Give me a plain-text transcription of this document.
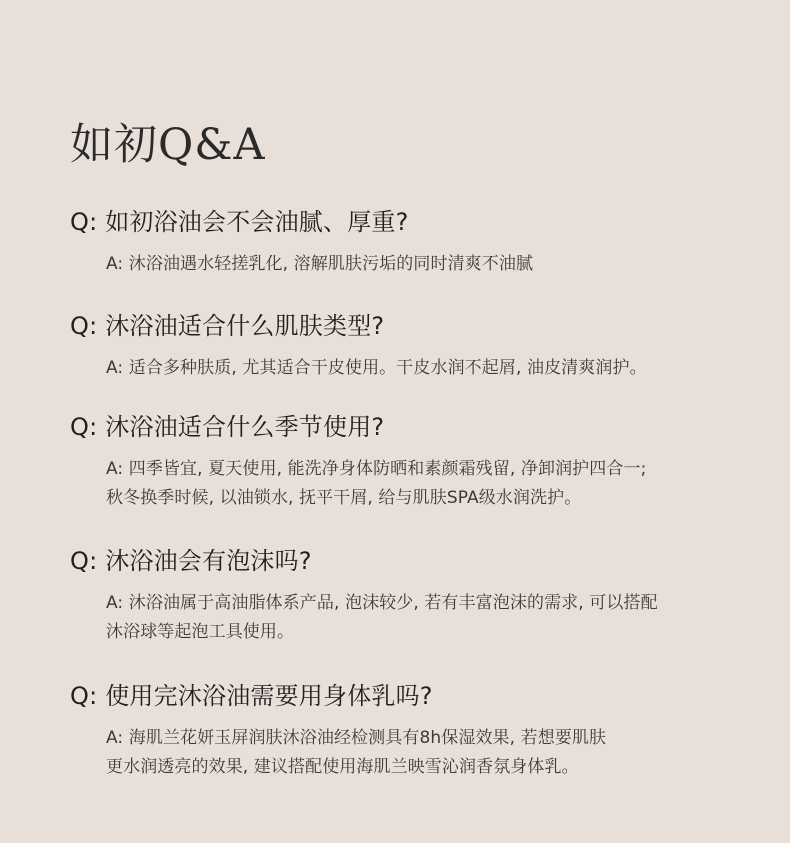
如初Q&A
Q: 如初浴油会不会油腻、厚重?
A: 沐浴油遇水轻搓乳化, 溶解肌肤污垢的同时清爽不油腻
Q: 沐浴油适合什么肌肤类型?
A: 适合多种肤质, 尤其适合干皮使用。干皮水润不起屑, 油皮清爽润护。
Q: 沐浴油适合什么季节使用?
A: 四季皆宜, 夏天使用, 能洗净身体防晒和素颜霜残留, 净卸润护四合一;
秋冬换季时候, 以油锁水, 抚平干屑, 给与肌肤SPA级水润洗护。
Q: 沐浴油会有泡沫吗?
A: 沐浴油属于高油脂体系产品, 泡沫较少, 若有丰富泡沫的需求, 可以搭配
沐浴球等起泡工具使用。
Q: 使用完沐浴油需要用身体乳吗?
A: 海肌兰花妍玉屏润肤沐浴油经检测具有8h保湿效果, 若想要肌肤
更水润透亮的效果, 建议搭配使用海肌兰映雪沁润香氛身体乳。
